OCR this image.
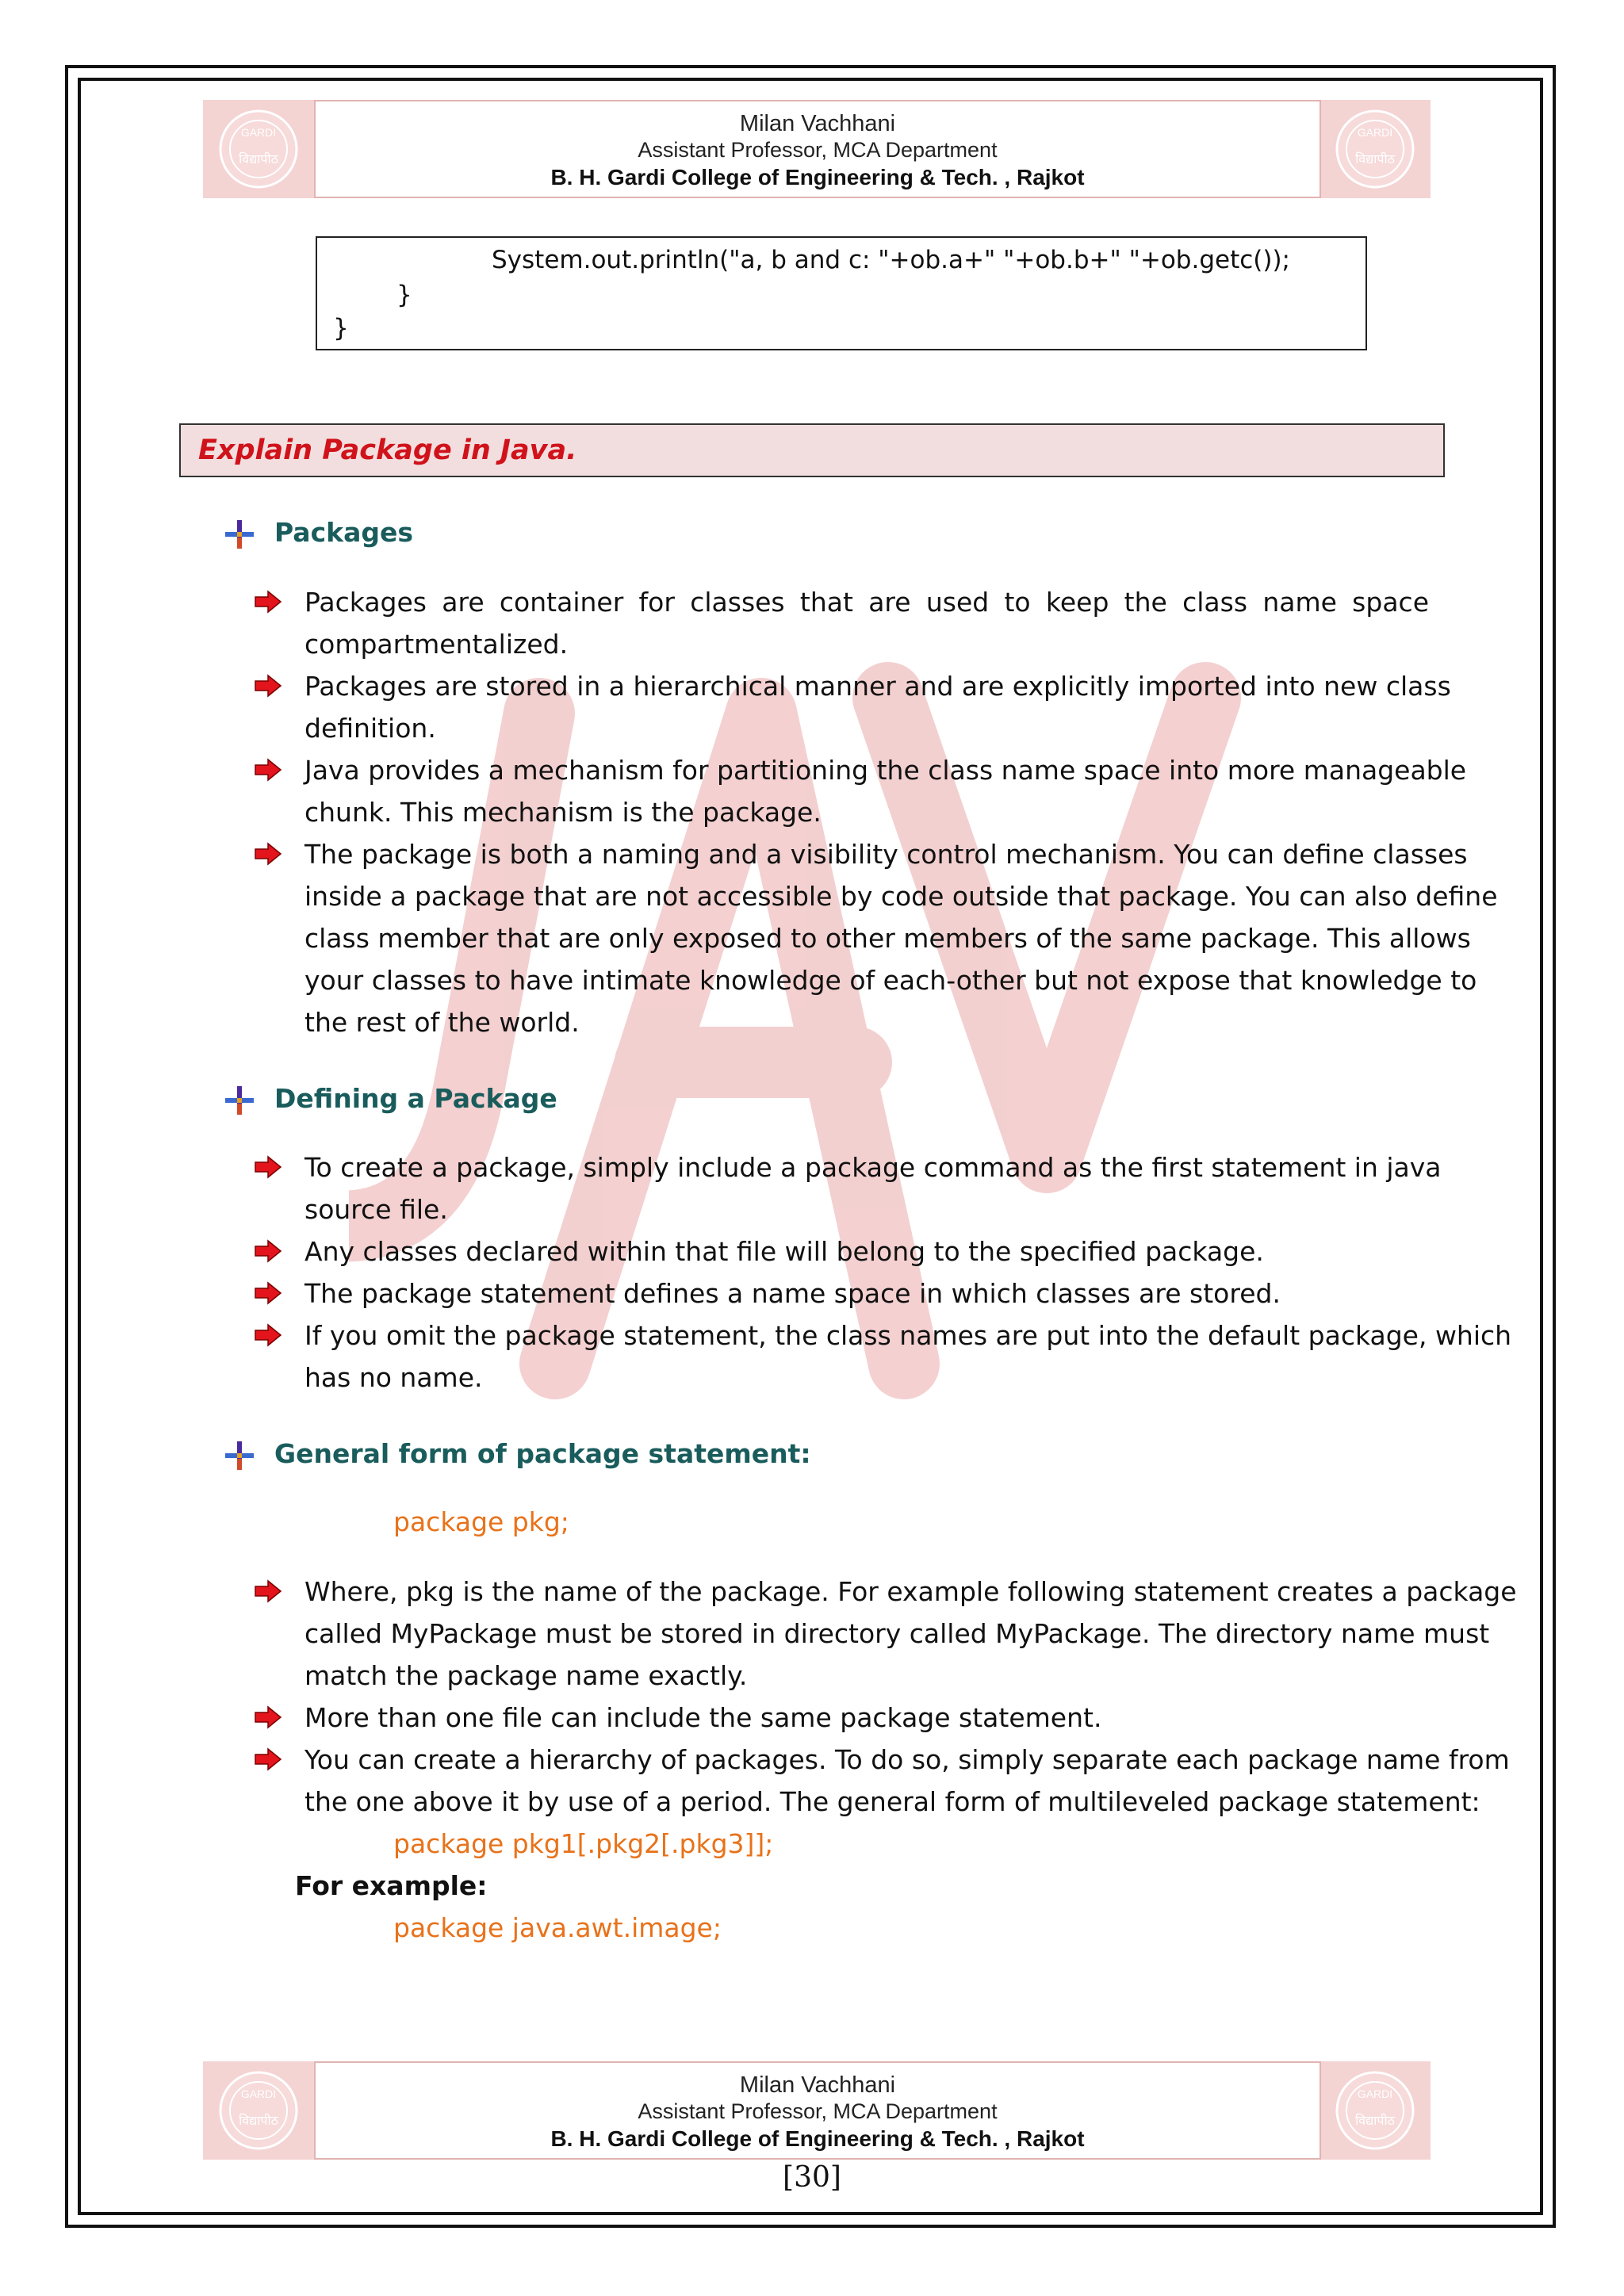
GARDI
विद्यापीठ
Milan Vachhani
Assistant Professor, MCA Department
B. H. Gardi College of Engineering & Tech. , Rajkot
GARDI
विद्यापीठ
System.out.println("a, b and c: "+ob.a+" "+ob.b+" "+ob.getc());
}
}
Explain Package in Java.
Packages
Packages are container for classes that are used to keep the class name space
compartmentalized.
Packages are stored in a hierarchical manner and are explicitly imported into new class
definition.
Java provides a mechanism for partitioning the class name space into more manageable
chunk. This mechanism is the package.
The package is both a naming and a visibility control mechanism. You can define classes
inside a package that are not accessible by code outside that package. You can also define
class member that are only exposed to other members of the same package. This allows
your classes to have intimate knowledge of each-other but not expose that knowledge to
the rest of the world.
Defining a Package
To create a package, simply include a package command as the first statement in java
source file.
Any classes declared within that file will belong to the specified package.
The package statement defines a name space in which classes are stored.
If you omit the package statement, the class names are put into the default package, which
has no name.
General form of package statement:
package pkg;
Where, pkg is the name of the package. For example following statement creates a package
called MyPackage must be stored in directory called MyPackage. The directory name must
match the package name exactly.
More than one file can include the same package statement.
You can create a hierarchy of packages. To do so, simply separate each package name from
the one above it by use of a period. The general form of multileveled package statement:
package pkg1[.pkg2[.pkg3]];
For example:
package java.awt.image;
GARDI
विद्यापीठ
Milan Vachhani
Assistant Professor, MCA Department
B. H. Gardi College of Engineering & Tech. , Rajkot
GARDI
विद्यापीठ
[30]
